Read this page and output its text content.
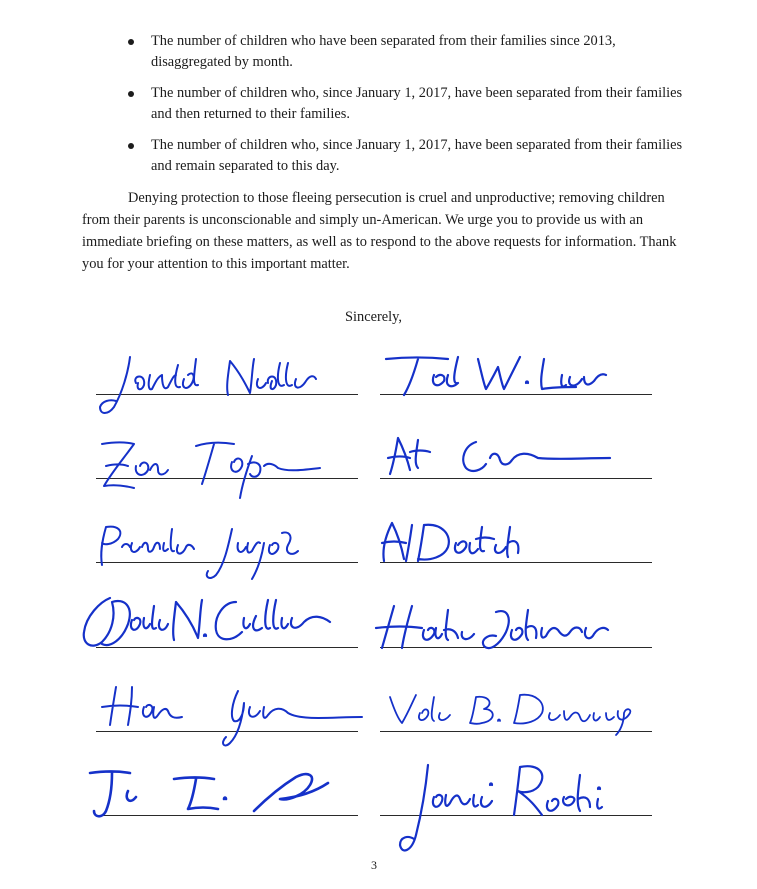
The number of children who have been separated from their families since 2013, disaggregated by month.
The number of children who, since January 1, 2017, have been separated from their families and then returned to their families.
The number of children who, since January 1, 2017, have been separated from their families and remain separated to this day.

Denying protection to those fleeing persecution is cruel and unproductive; removing children from their parents is unconscionable and simply un-American. We urge you to provide us with an immediate briefing on these matters, as well as to respond to the above requests for information. Thank you for your attention to this important matter.

Sincerely,

3
